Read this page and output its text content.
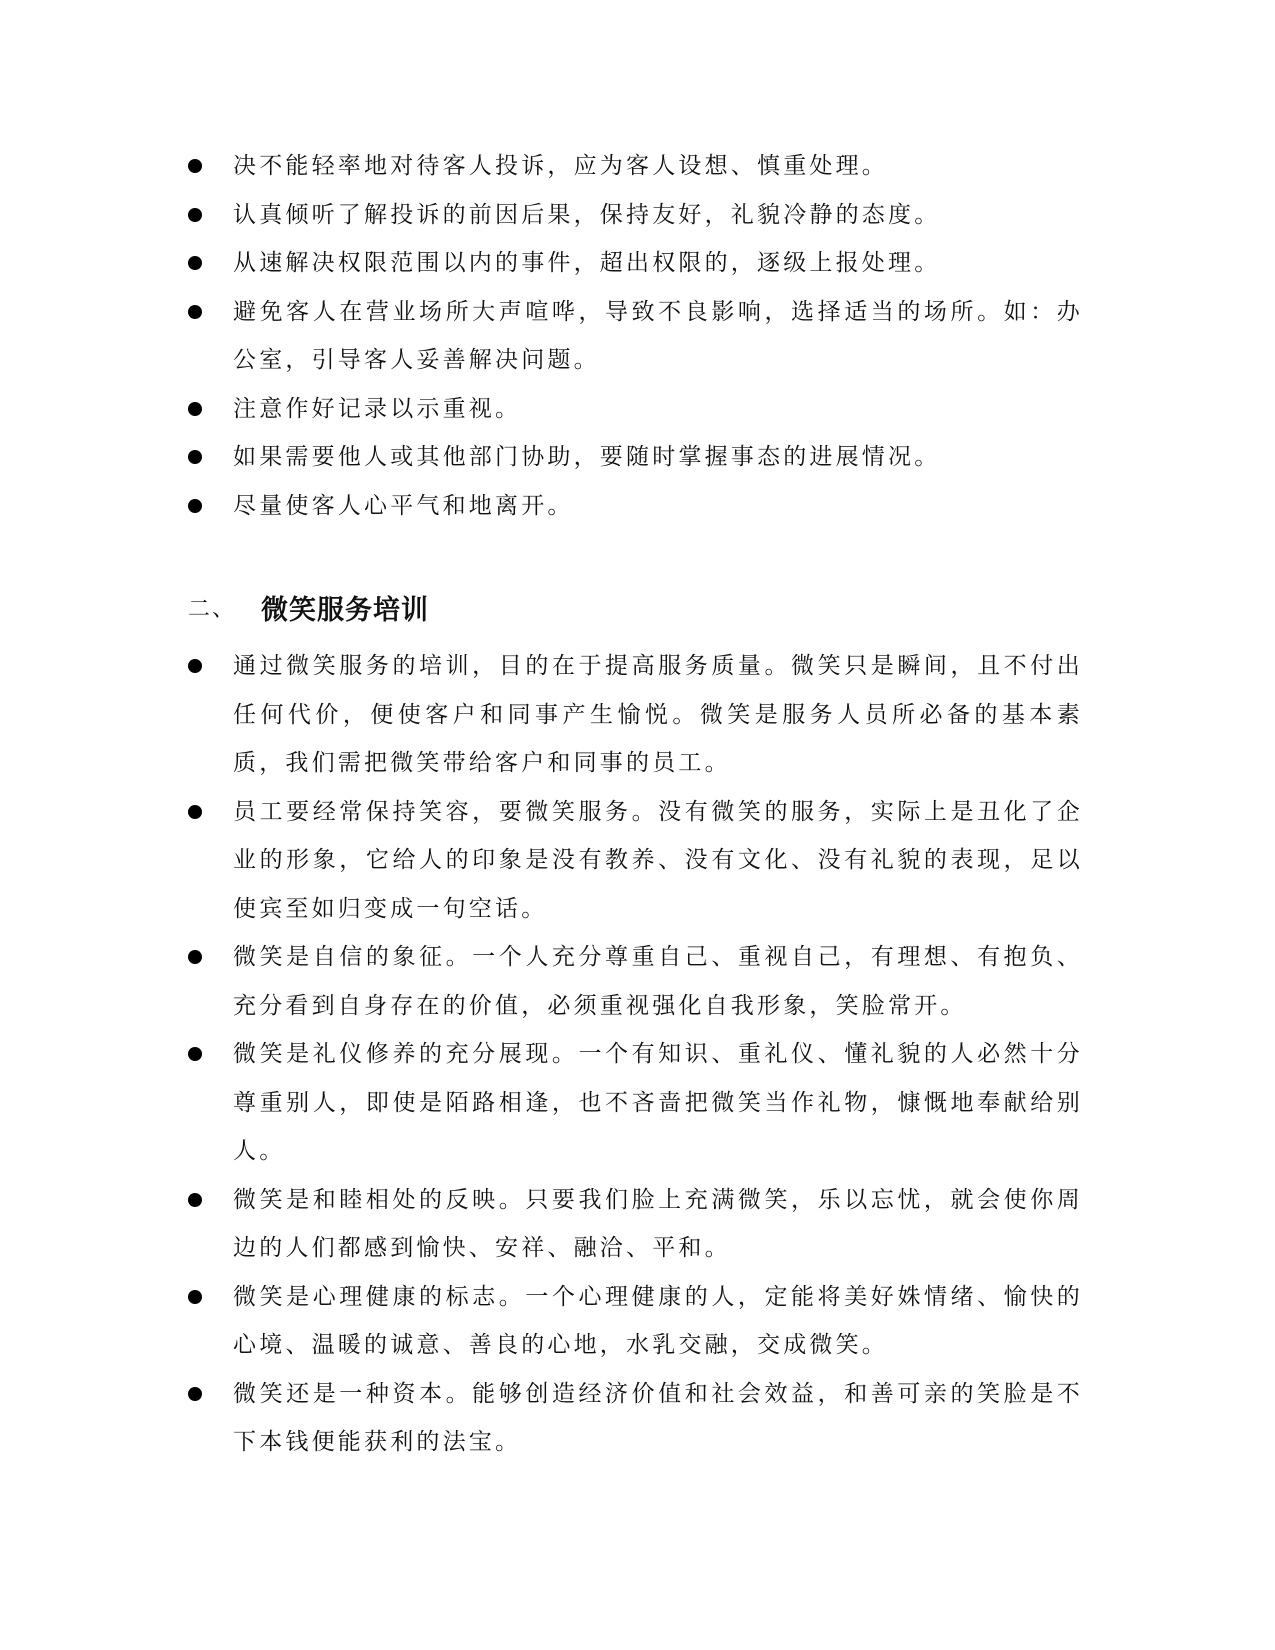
决不能轻率地对待客人投诉，应为客人设想、慎重处理。
认真倾听了解投诉的前因后果，保持友好，礼貌冷静的态度。
从速解决权限范围以内的事件，超出权限的，逐级上报处理。
避免客人在营业场所大声喧哗，导致不良影响，选择适当的场所。如：办公室，引导客人妥善解决问题。
注意作好记录以示重视。
如果需要他人或其他部门协助，要随时掌握事态的进展情况。
尽量使客人心平气和地离开。
二、 微笑服务培训
通过微笑服务的培训，目的在于提高服务质量。微笑只是瞬间，且不付出任何代价，便使客户和同事产生愉悦。微笑是服务人员所必备的基本素质，我们需把微笑带给客户和同事的员工。
员工要经常保持笑容，要微笑服务。没有微笑的服务，实际上是丑化了企业的形象，它给人的印象是没有教养、没有文化、没有礼貌的表现，足以使宾至如归变成一句空话。
微笑是自信的象征。一个人充分尊重自己、重视自己，有理想、有抱负、充分看到自身存在的价值，必须重视强化自我形象，笑脸常开。
微笑是礼仪修养的充分展现。一个有知识、重礼仪、懂礼貌的人必然十分尊重别人，即使是陌路相逢，也不吝啬把微笑当作礼物，慷慨地奉献给别人。
微笑是和睦相处的反映。只要我们脸上充满微笑，乐以忘忧，就会使你周边的人们都感到愉快、安祥、融洽、平和。
微笑是心理健康的标志。一个心理健康的人，定能将美好姝情绪、愉快的心境、温暖的诚意、善良的心地，水乳交融，交成微笑。
微笑还是一种资本。能够创造经济价值和社会效益，和善可亲的笑脸是不下本钱便能获利的法宝。
